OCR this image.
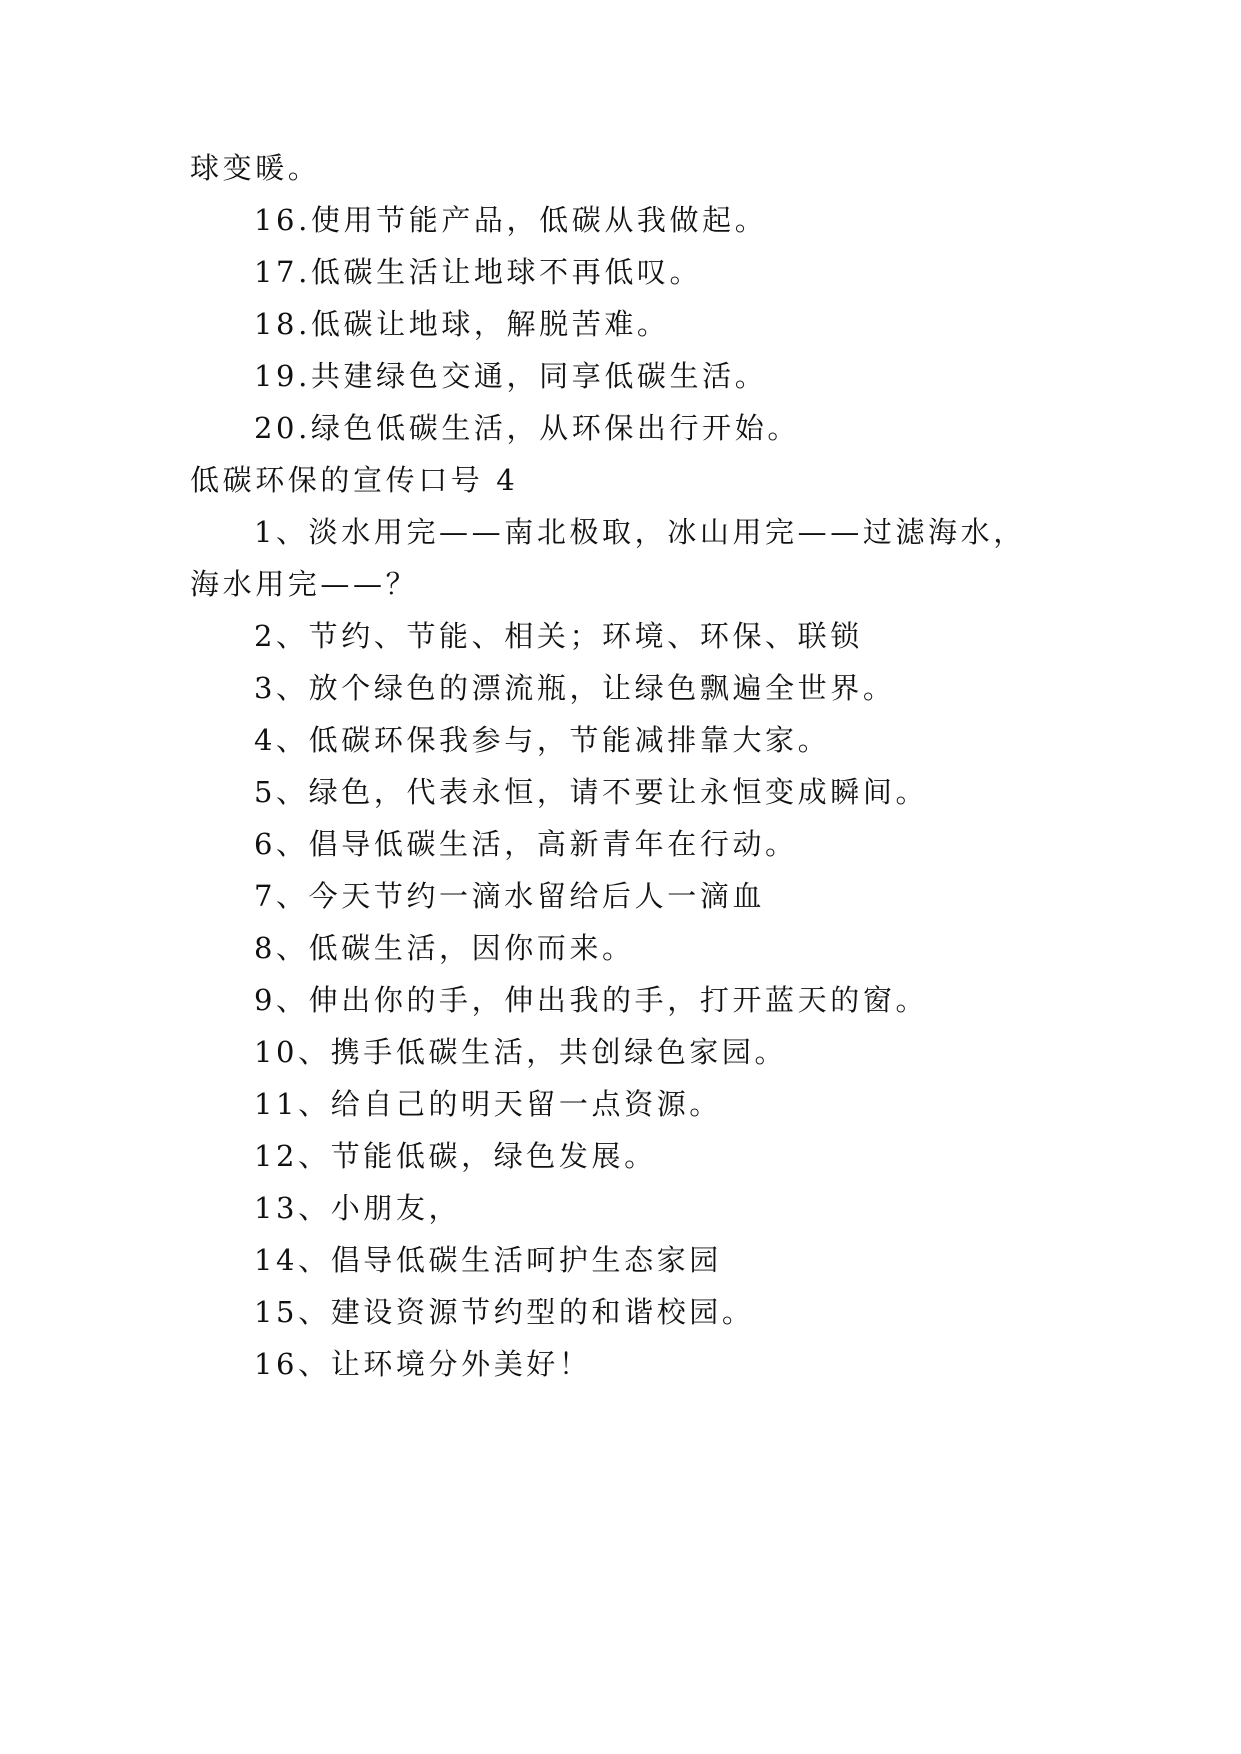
球变暖。
16.使用节能产品，低碳从我做起。
17.低碳生活让地球不再低叹。
18.低碳让地球，解脱苦难。
19.共建绿色交通，同享低碳生活。
20.绿色低碳生活，从环保出行开始。
低碳环保的宣传口号 4
1、淡水用完——南北极取，冰山用完——过滤海水，
海水用完——？
2、节约、节能、相关；环境、环保、联锁
3、放个绿色的漂流瓶，让绿色飘遍全世界。
4、低碳环保我参与，节能减排靠大家。
5、绿色，代表永恒，请不要让永恒变成瞬间。
6、倡导低碳生活，高新青年在行动。
7、今天节约一滴水留给后人一滴血
8、低碳生活，因你而来。
9、伸出你的手，伸出我的手，打开蓝天的窗。
10、携手低碳生活，共创绿色家园。
11、给自己的明天留一点资源。
12、节能低碳，绿色发展。
13、小朋友，
14、倡导低碳生活呵护生态家园
15、建设资源节约型的和谐校园。
16、让环境分外美好！
